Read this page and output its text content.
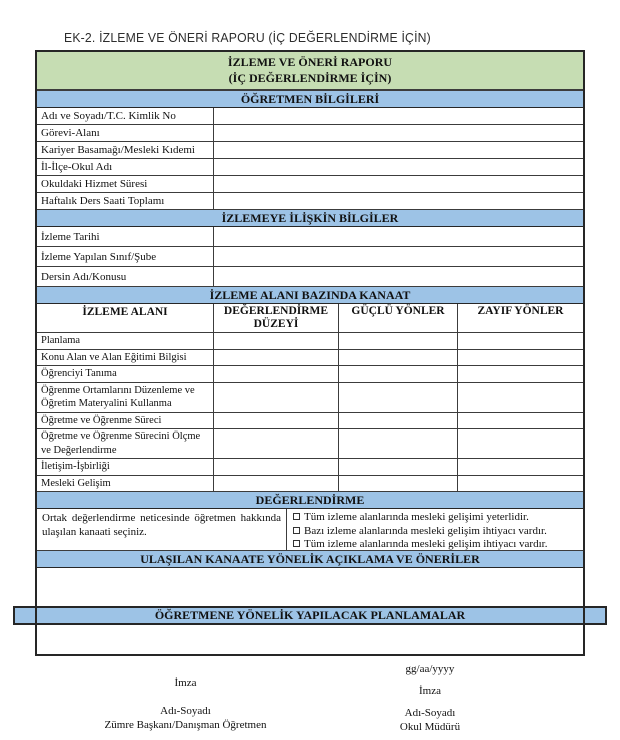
EK-2. İZLEME VE ÖNERİ RAPORU (İÇ DEĞERLENDİRME İÇİN)
İZLEME VE ÖNERİ RAPORU
(İÇ DEĞERLENDİRME İÇİN)
ÖĞRETMEN BİLGİLERİ
Adı ve Soyadı/T.C. Kimlik No
Görevi-Alanı
Kariyer Basamağı/Mesleki Kıdemi
İl-İlçe-Okul Adı
Okuldaki Hizmet Süresi
Haftalık Ders Saati Toplamı
İZLEMEYE İLİŞKİN BİLGİLER
İzleme Tarihi
İzleme Yapılan Sınıf/Şube
Dersin Adı/Konusu
İZLEME ALANI BAZINDA KANAAT
İZLEME ALANI	DEĞERLENDİRME DÜZEYİ
GÜÇLÜ YÖNLER	ZAYIF YÖNLER
Planlama
Konu Alan ve Alan Eğitimi Bilgisi
Öğrenciyi Tanıma
Öğrenme Ortamlarını Düzenleme ve Öğretim Materyalini Kullanma
Öğretme ve Öğrenme Süreci
Öğretme ve Öğrenme Sürecini Ölçme ve Değerlendirme
İletişim-İşbirliği
Mesleki Gelişim
DEĞERLENDİRME
Ortak değerlendirme neticesinde öğretmen hakkında ulaşılan kanaati seçiniz.
Tüm izleme alanlarında mesleki gelişimi yeterlidir.
Bazı izleme alanlarında mesleki gelişim ihtiyacı vardır.
Tüm izleme alanlarında mesleki gelişim ihtiyacı vardır.
ULAŞILAN KANAATE YÖNELİK AÇIKLAMA VE ÖNERİLER
ÖĞRETMENE YÖNELİK YAPILACAK PLANLAMALAR
İmza
Adı-Soyadı
Zümre Başkanı/Danışman Öğretmen
gg/aa/yyyy
İmza
Adı-Soyadı
Okul Müdürü
